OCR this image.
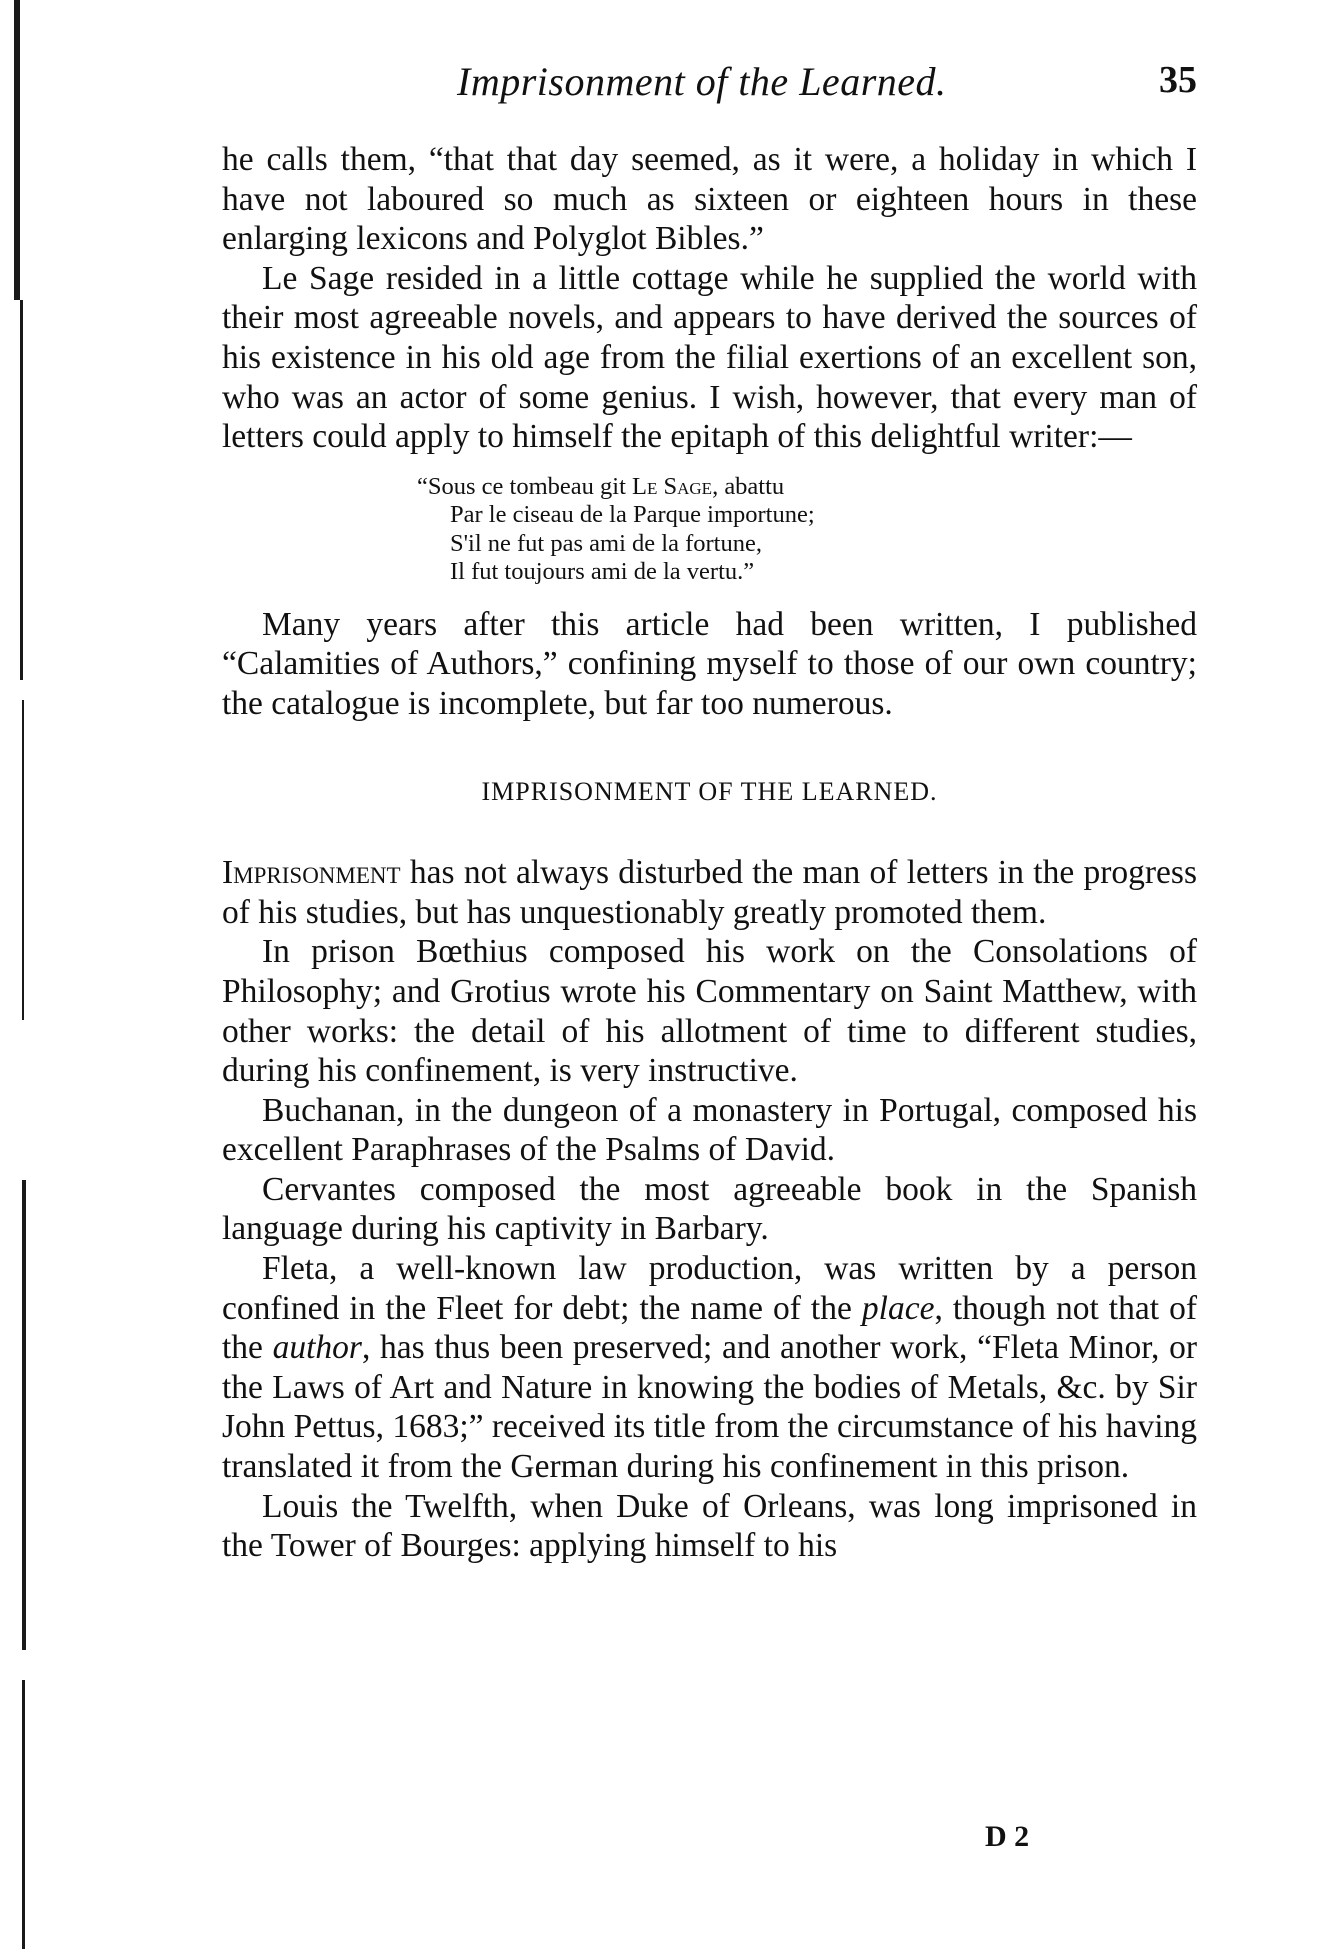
Imprisonment of the Learned.	35

he calls them, “that that day seemed, as it were, a holiday in which I have not laboured so much as sixteen or eighteen hours in these enlarging lexicons and Polyglot Bibles.”

Le Sage resided in a little cottage while he supplied the world with their most agreeable novels, and appears to have derived the sources of his existence in his old age from the filial exertions of an excellent son, who was an actor of some genius. I wish, however, that every man of letters could apply to himself the epitaph of this delightful writer:—

“Sous ce tombeau git Le Sage, abattu
Par le ciseau de la Parque importune;
S'il ne fut pas ami de la fortune,
Il fut toujours ami de la vertu.”

Many years after this article had been written, I published “Calamities of Authors,” confining myself to those of our own country; the catalogue is incomplete, but far too numerous.

IMPRISONMENT OF THE LEARNED.

Imprisonment has not always disturbed the man of letters in the progress of his studies, but has unquestionably greatly promoted them.

In prison Bœthius composed his work on the Consolations of Philosophy; and Grotius wrote his Commentary on Saint Matthew, with other works: the detail of his allotment of time to different studies, during his confinement, is very instructive.

Buchanan, in the dungeon of a monastery in Portugal, composed his excellent Paraphrases of the Psalms of David.

Cervantes composed the most agreeable book in the Spanish language during his captivity in Barbary.

Fleta, a well-known law production, was written by a person confined in the Fleet for debt; the name of the place, though not that of the author, has thus been preserved; and another work, “Fleta Minor, or the Laws of Art and Nature in knowing the bodies of Metals, &c. by Sir John Pettus, 1683;” received its title from the circumstance of his having translated it from the German during his confinement in this prison.

Louis the Twelfth, when Duke of Orleans, was long imprisoned in the Tower of Bourges: applying himself to his

D 2
